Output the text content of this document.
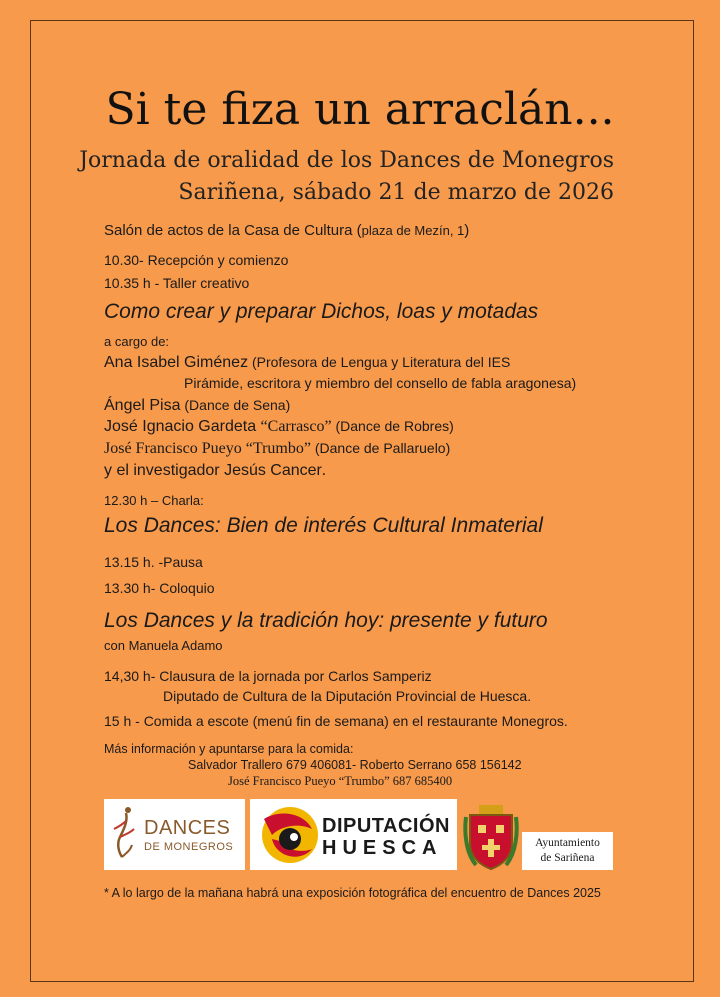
Si te fiza un arraclán...
Jornada de oralidad de los Dances de Monegros
Sariñena, sábado 21 de marzo de 2026
Salón de actos de la Casa de Cultura (plaza de Mezín, 1)
10.30- Recepción y comienzo
10.35 h - Taller creativo
Como crear y preparar Dichos, loas y motadas
a cargo de:
Ana Isabel Giménez (Profesora de Lengua y Literatura del IES
Pirámide, escritora y miembro del consello de fabla aragonesa)
Ángel Pisa (Dance de Sena)
José Ignacio Gardeta “Carrasco” (Dance de Robres)
José Francisco Pueyo “Trumbo” (Dance de Pallaruelo)
y el investigador Jesús Cancer.
12.30 h – Charla:
Los Dances: Bien de interés Cultural Inmaterial
13.15 h. -Pausa
13.30 h- Coloquio
Los Dances y la tradición hoy: presente y futuro
con Manuela Adamo
14,30 h- Clausura de la jornada por Carlos Samperiz
Diputado de Cultura de la Diputación Provincial de Huesca.
15 h - Comida a escote (menú fin de semana) en el restaurante Monegros.
Más información y apuntarse para la comida:
Salvador Trallero 679 406081- Roberto Serrano 658 156142
José Francisco Pueyo “Trumbo” 687 685400
DANCES
DE MONEGROS
DIPUTACIÓN
HUESCA	Ayuntamiento
de Sariñena
* A lo largo de la mañana habrá una exposición fotográfica del encuentro de Dances 2025
